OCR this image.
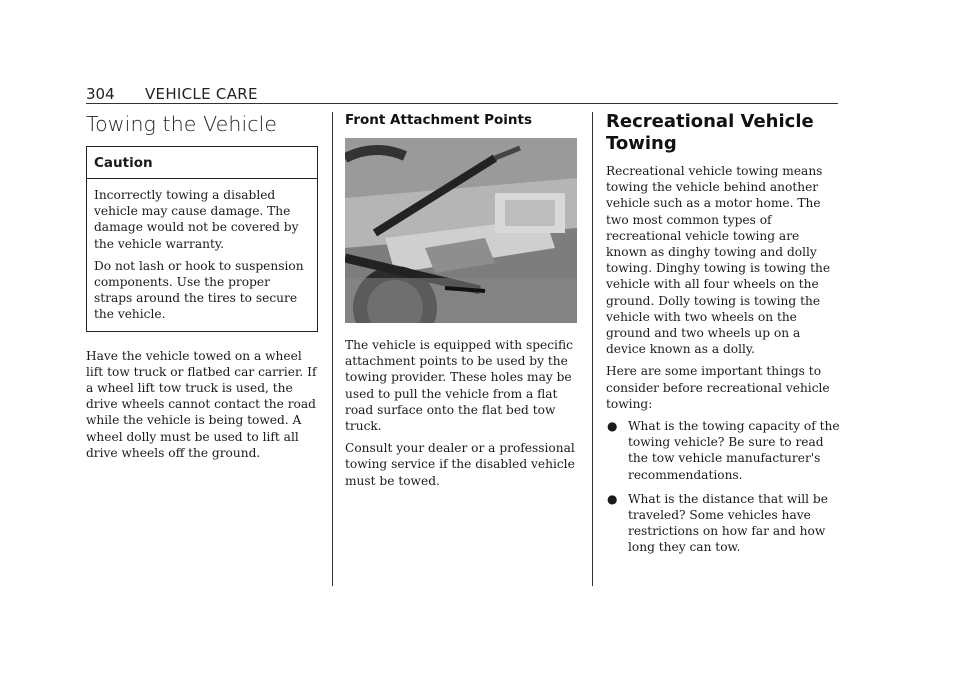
304 VEHICLE CARE
Towing the Vehicle
Caution

Incorrectly towing a disabled vehicle may cause damage. The damage would not be covered by the vehicle warranty.

Do not lash or hook to suspension components. Use the proper straps around the tires to secure the vehicle.

Have the vehicle towed on a wheel lift tow truck or flatbed car carrier. If a wheel lift tow truck is used, the drive wheels cannot contact the road while the vehicle is being towed. A wheel dolly must be used to lift all drive wheels off the ground.

Front Attachment Points

The vehicle is equipped with specific attachment points to be used by the towing provider. These holes may be used to pull the vehicle from a flat road surface onto the flat bed tow truck.

Consult your dealer or a professional towing service if the disabled vehicle must be towed.

Recreational Vehicle Towing

Recreational vehicle towing means towing the vehicle behind another vehicle such as a motor home. The two most common types of recreational vehicle towing are known as dinghy towing and dolly towing. Dinghy towing is towing the vehicle with all four wheels on the ground. Dolly towing is towing the vehicle with two wheels on the ground and two wheels up on a device known as a dolly.

Here are some important things to consider before recreational vehicle towing:

● What is the towing capacity of the towing vehicle? Be sure to read the tow vehicle manufacturer's recommendations.
● What is the distance that will be traveled? Some vehicles have restrictions on how far and how long they can tow.
